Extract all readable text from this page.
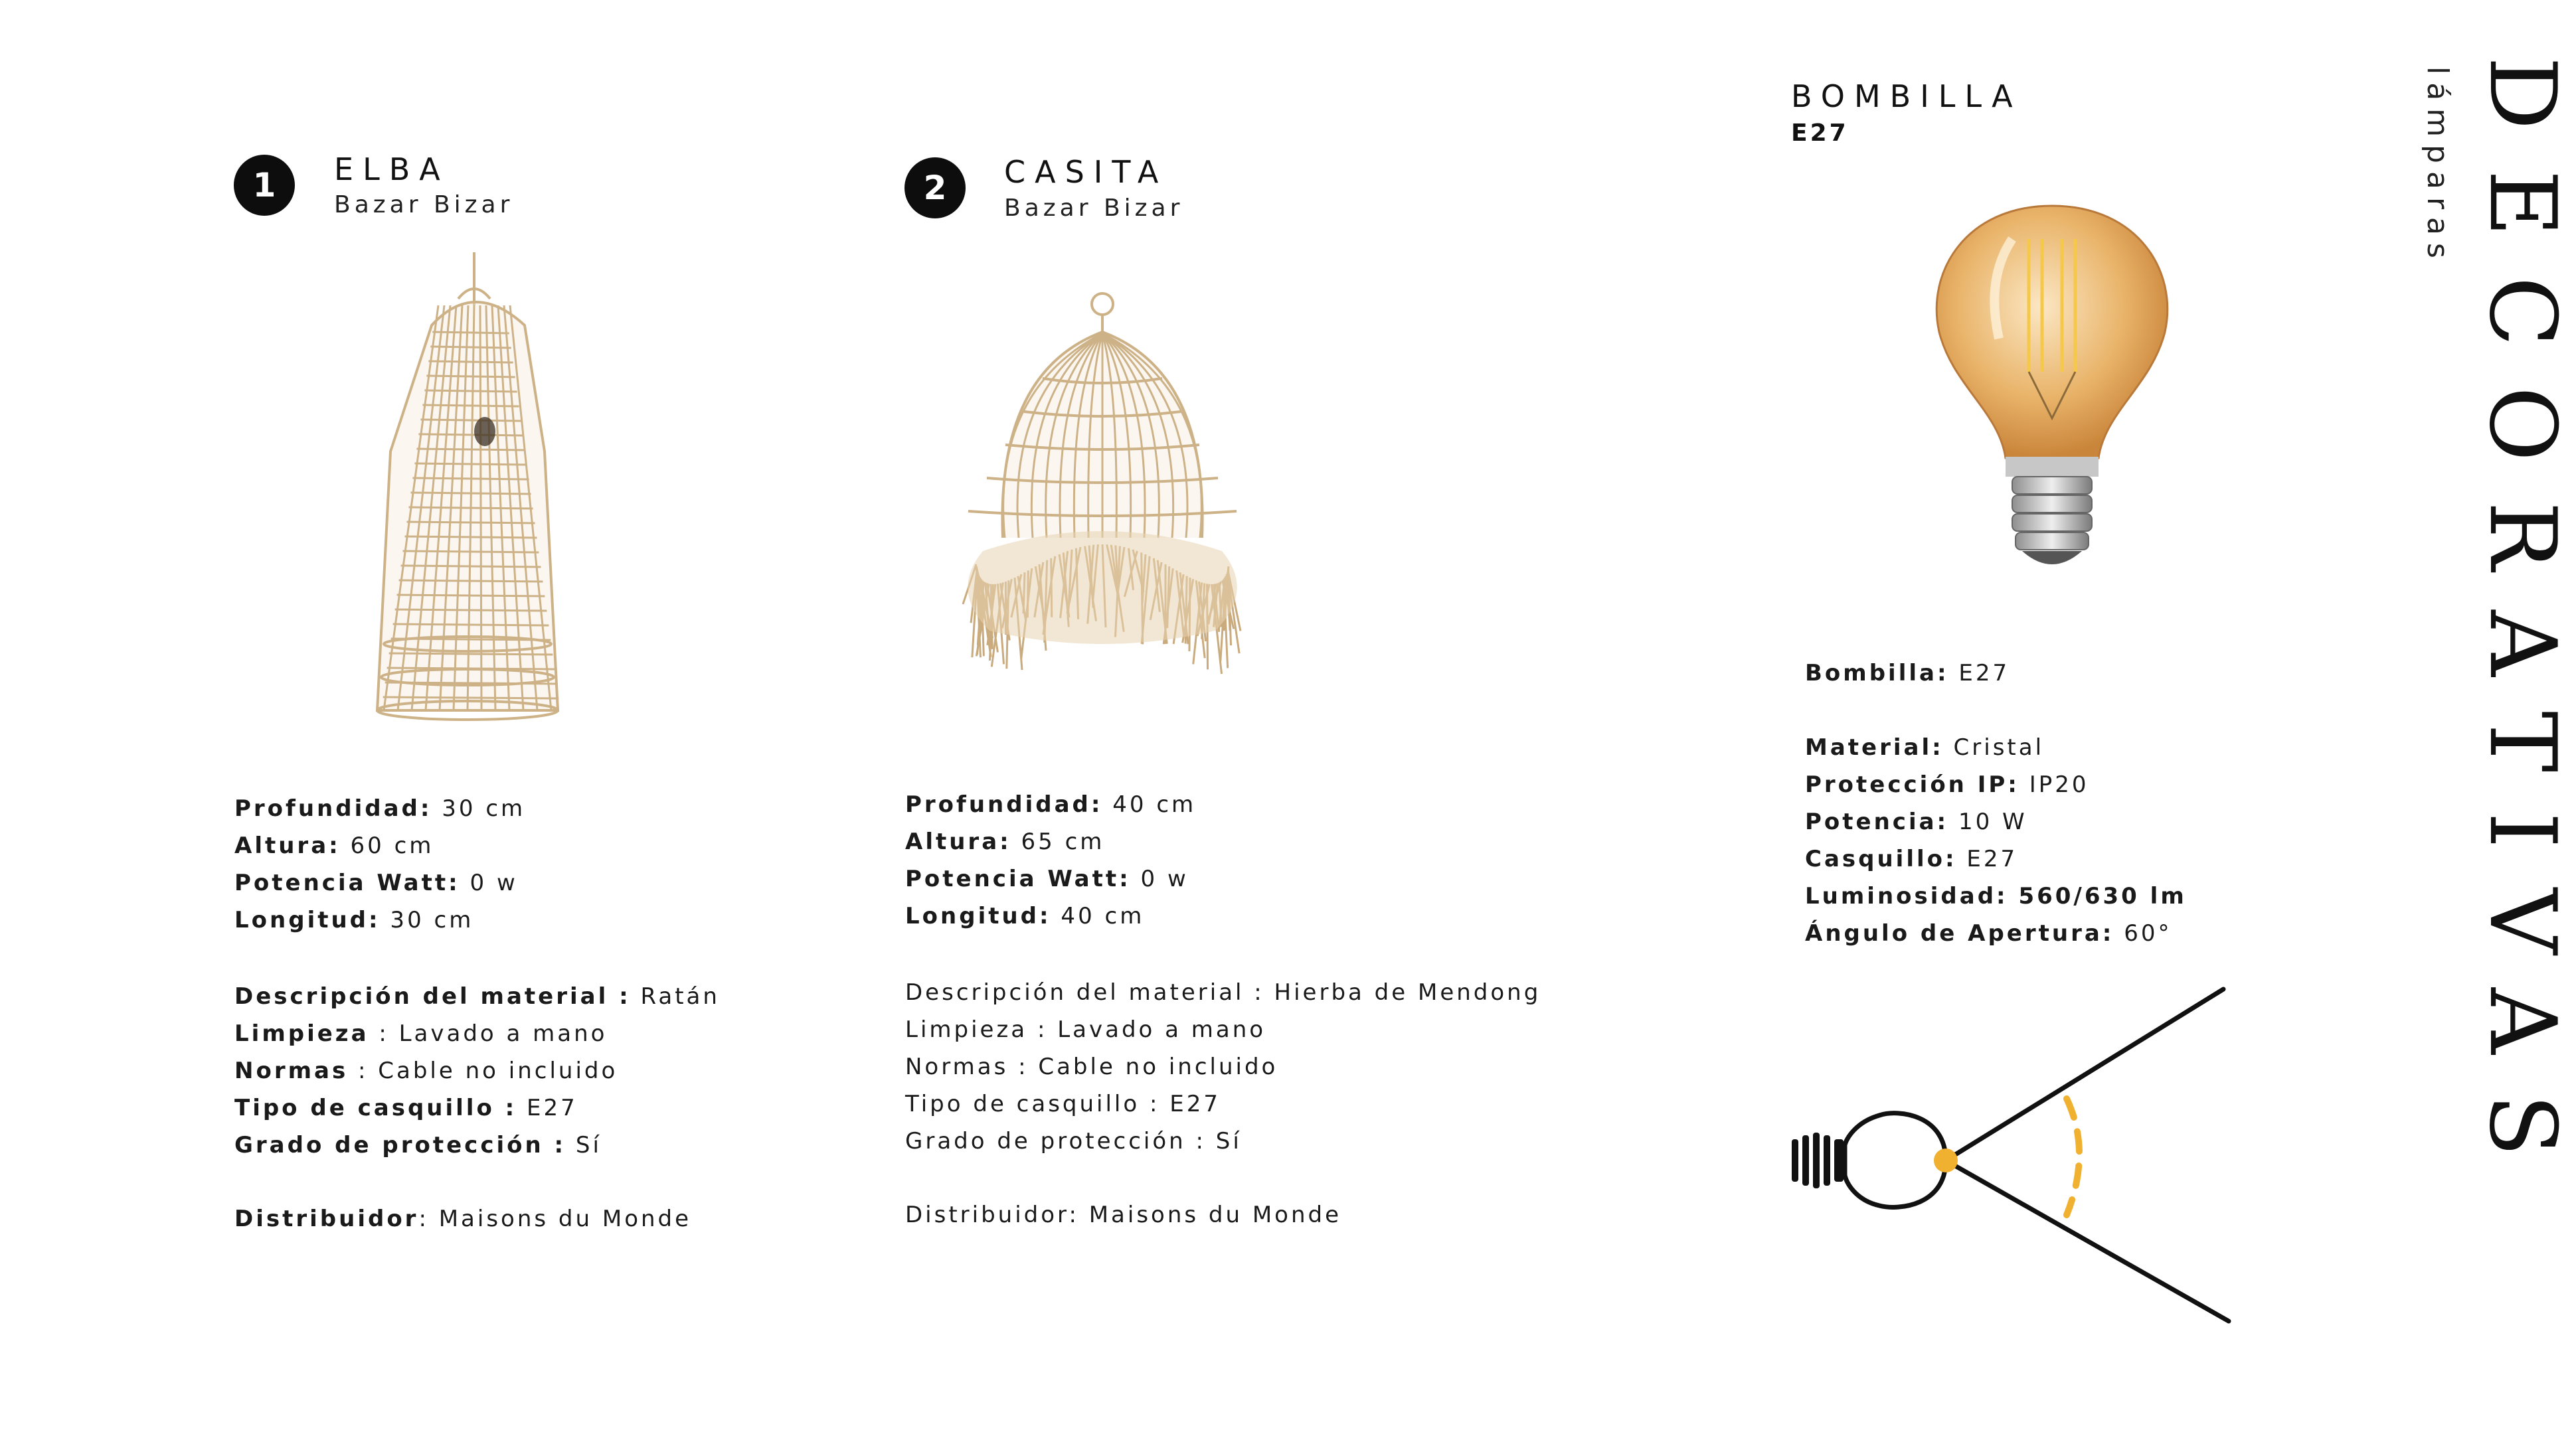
1	ELBA
Bazar Bizar
Profundidad: 30 cm
Altura: 60 cm
Potencia Watt: 0 w
Longitud: 30 cm
Descripción del material : Ratán
Limpieza : Lavado a mano
Normas : Cable no incluido
Tipo de casquillo : E27
Grado de protección : Sí
Distribuidor: Maisons du Monde
2	CASITA
Bazar Bizar
Profundidad: 40 cm
Altura: 65 cm
Potencia Watt: 0 w
Longitud: 40 cm
Descripción del material : Hierba de Mendong
Limpieza : Lavado a mano
Normas : Cable no incluido
Tipo de casquillo : E27
Grado de protección : Sí
Distribuidor: Maisons du Monde
BOMBILLA
E27
Bombilla: E27
Material: Cristal
Protección IP: IP20
Potencia: 10 W
Casquillo: E27
Luminosidad: 560/630 lm
Ángulo de Apertura: 60°	DECORATIVAS
lámparas
